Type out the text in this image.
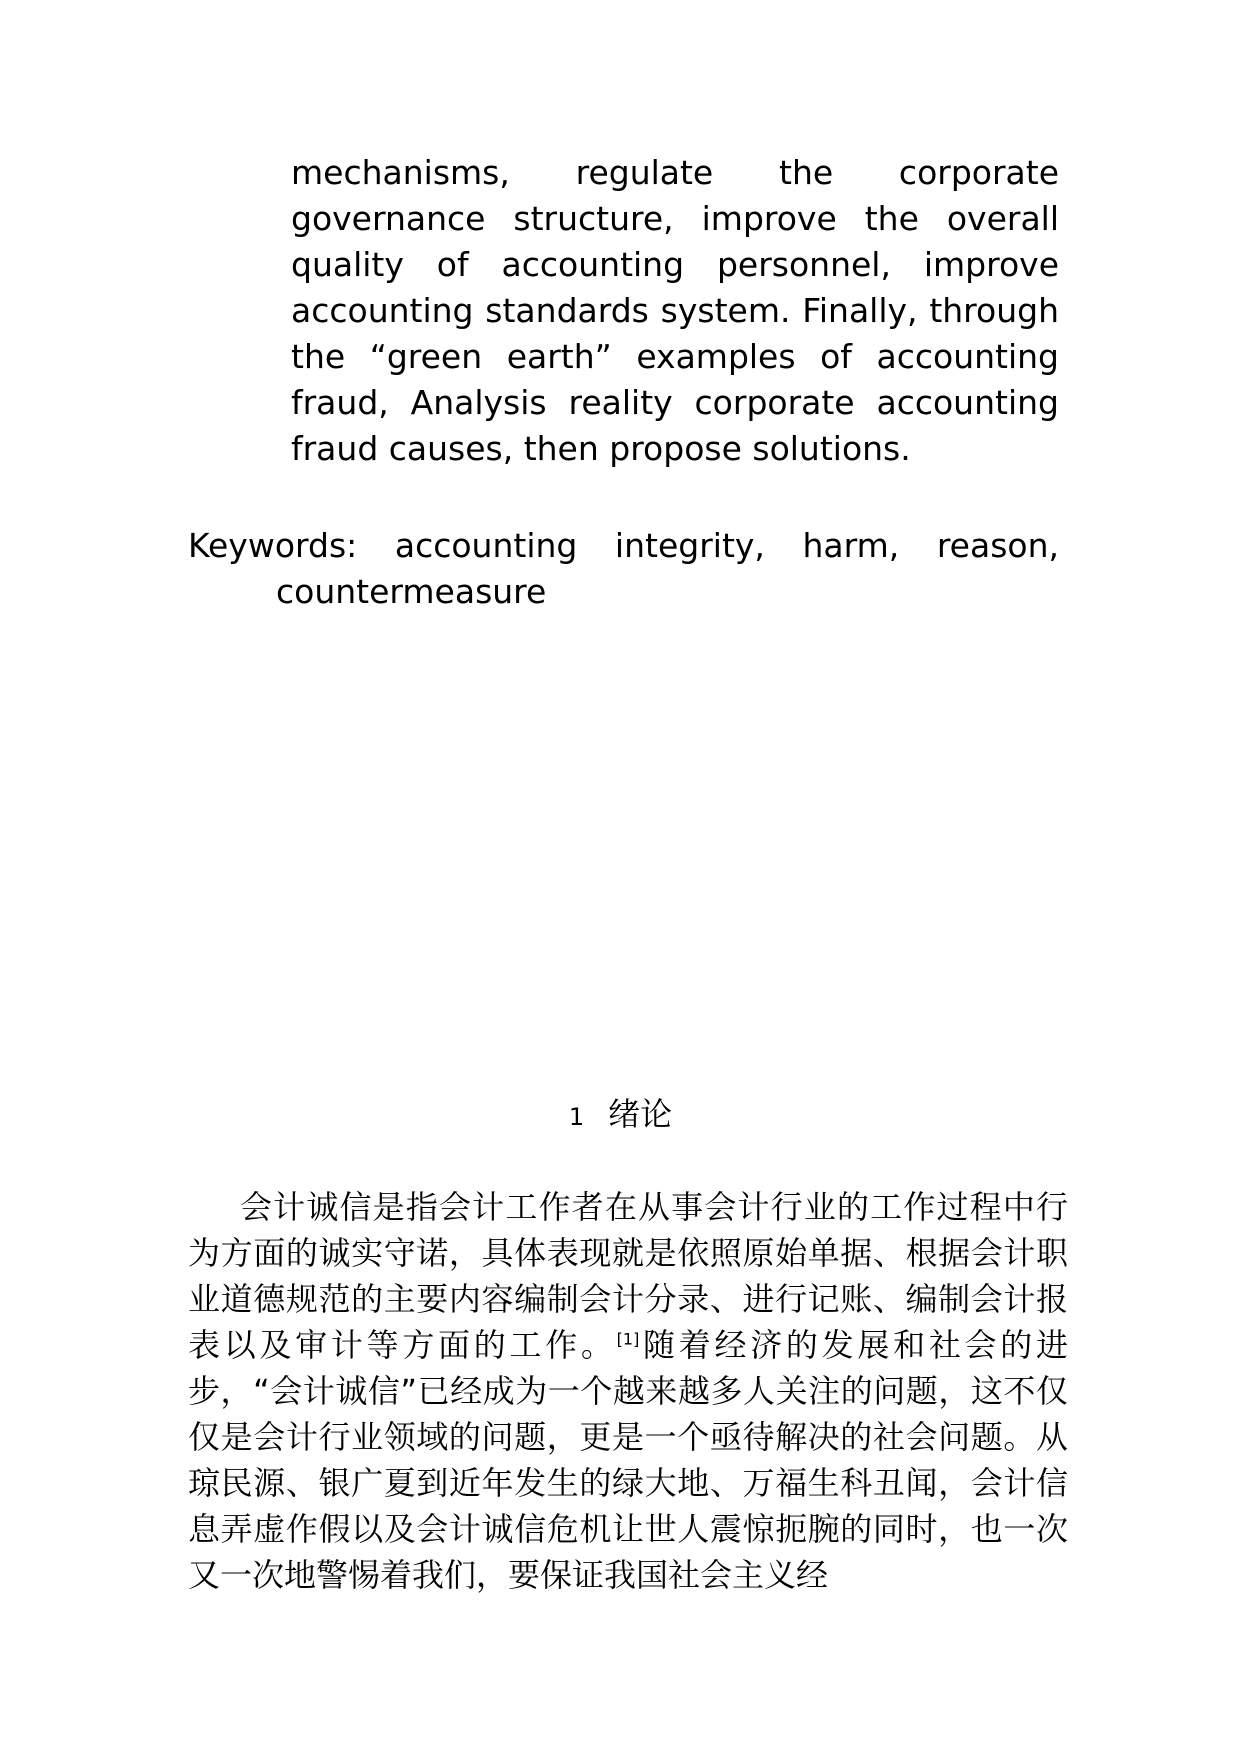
mechanisms, regulate the corporate
governance structure, improve the overall
quality of accounting personnel, improve
accounting standards system. Finally, through
the “green earth” examples of accounting
fraud, Analysis reality corporate accounting
fraud causes, then propose solutions.
Keywords: accounting integrity, harm, reason,
countermeasure
1 绪论

会计诚信是指会计工作者在从事会计行业的工作过程中行为方面的诚实守诺，具体表现就是依照原始单据、根据会计职业道德规范的主要内容编制会计分录、进行记账、编制会计报表以及审计等方面的工作。[1]随着经济的发展和社会的进步，“会计诚信”已经成为一个越来越多人关注的问题，这不仅仅是会计行业领域的问题，更是一个亟待解决的社会问题。从琼民源、银广夏到近年发生的绿大地、万福生科丑闻，会计信息弄虚作假以及会计诚信危机让世人震惊扼腕的同时，也一次又一次地警惕着我们，要保证我国社会主义经
